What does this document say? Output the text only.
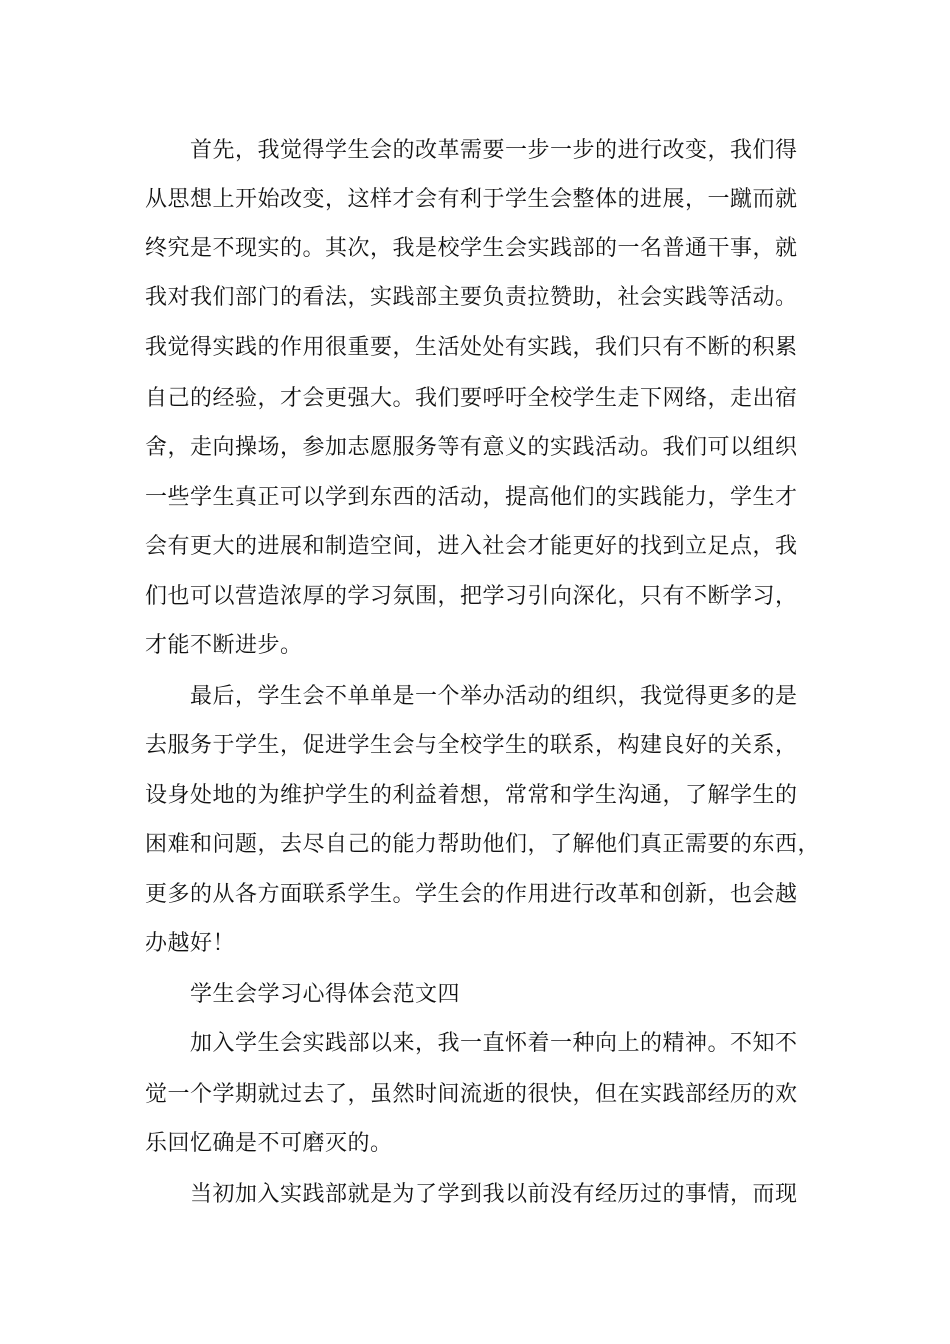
首先，我觉得学生会的改革需要一步一步的进行改变，我们得
从思想上开始改变，这样才会有利于学生会整体的进展，一蹴而就
终究是不现实的。其次，我是校学生会实践部的一名普通干事，就
我对我们部门的看法，实践部主要负责拉赞助，社会实践等活动。
我觉得实践的作用很重要，生活处处有实践，我们只有不断的积累
自己的经验，才会更强大。我们要呼吁全校学生走下网络，走出宿
舍，走向操场，参加志愿服务等有意义的实践活动。我们可以组织
一些学生真正可以学到东西的活动，提高他们的实践能力，学生才
会有更大的进展和制造空间，进入社会才能更好的找到立足点，我
们也可以营造浓厚的学习氛围，把学习引向深化，只有不断学习，
才能不断进步。
最后，学生会不单单是一个举办活动的组织，我觉得更多的是
去服务于学生，促进学生会与全校学生的联系，构建良好的关系，
设身处地的为维护学生的利益着想，常常和学生沟通，了解学生的
困难和问题，去尽自己的能力帮助他们，了解他们真正需要的东西，
更多的从各方面联系学生。学生会的作用进行改革和创新，也会越
办越好！
学生会学习心得体会范文四
加入学生会实践部以来，我一直怀着一种向上的精神。不知不
觉一个学期就过去了，虽然时间流逝的很快，但在实践部经历的欢
乐回忆确是不可磨灭的。
当初加入实践部就是为了学到我以前没有经历过的事情，而现
